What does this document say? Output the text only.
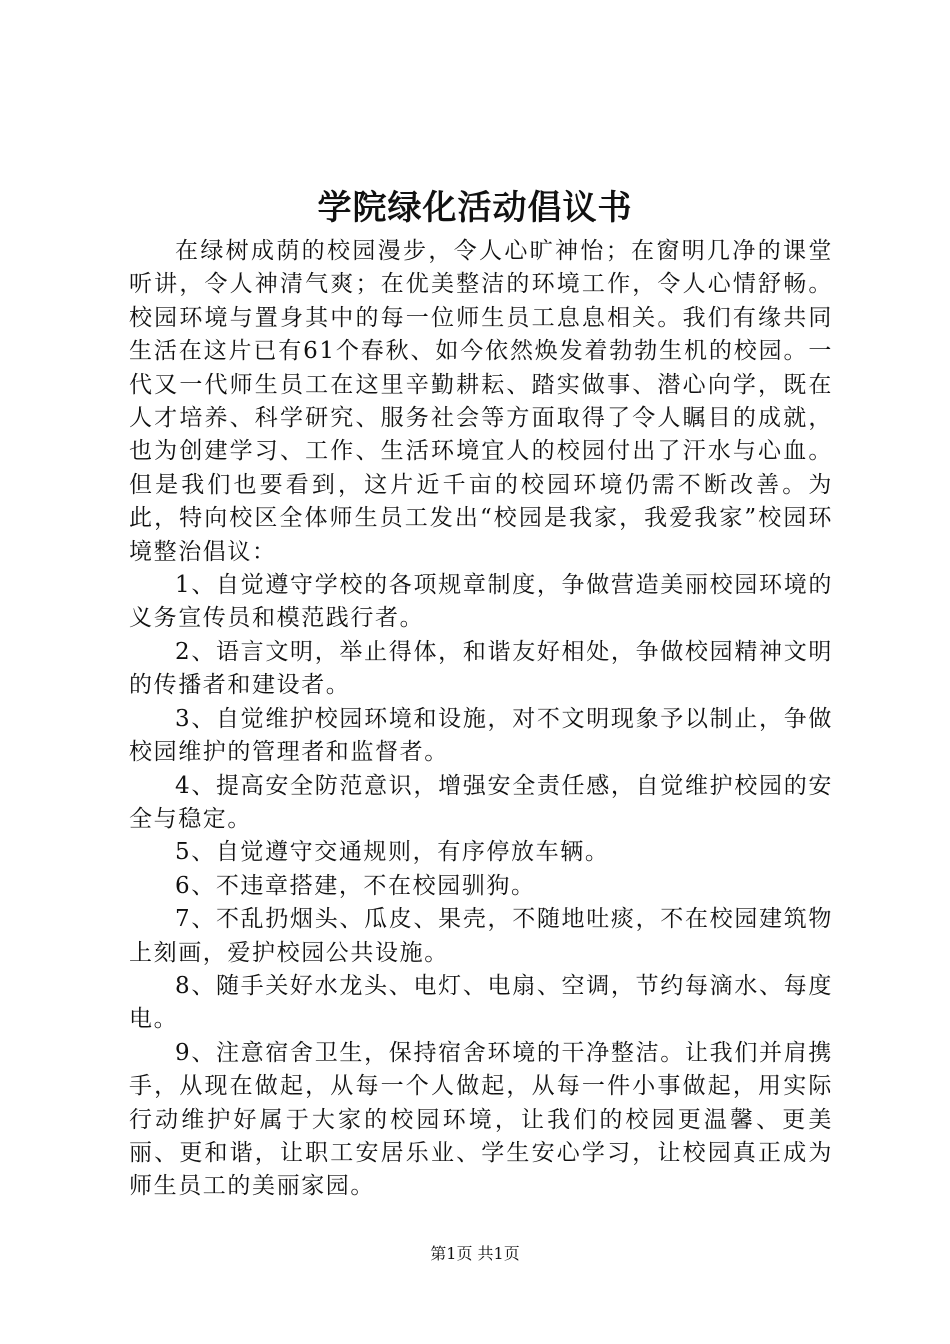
学院绿化活动倡议书

在绿树成荫的校园漫步，令人心旷神怡；在窗明几净的课堂听讲，令人神清气爽；在优美整洁的环境工作，令人心情舒畅。校园环境与置身其中的每一位师生员工息息相关。我们有缘共同生活在这片已有61个春秋、如今依然焕发着勃勃生机的校园。一代又一代师生员工在这里辛勤耕耘、踏实做事、潜心向学，既在人才培养、科学研究、服务社会等方面取得了令人瞩目的成就，也为创建学习、工作、生活环境宜人的校园付出了汗水与心血。但是我们也要看到，这片近千亩的校园环境仍需不断改善。为此，特向校区全体师生员工发出“校园是我家，我爱我家”校园环境整治倡议：

1、自觉遵守学校的各项规章制度，争做营造美丽校园环境的义务宣传员和模范践行者。

2、语言文明，举止得体，和谐友好相处，争做校园精神文明的传播者和建设者。

3、自觉维护校园环境和设施，对不文明现象予以制止，争做校园维护的管理者和监督者。

4、提高安全防范意识，增强安全责任感，自觉维护校园的安全与稳定。

5、自觉遵守交通规则，有序停放车辆。

6、不违章搭建，不在校园驯狗。

7、不乱扔烟头、瓜皮、果壳，不随地吐痰，不在校园建筑物上刻画，爱护校园公共设施。

8、随手关好水龙头、电灯、电扇、空调，节约每滴水、每度电。

9、注意宿舍卫生，保持宿舍环境的干净整洁。让我们并肩携手，从现在做起，从每一个人做起，从每一件小事做起，用实际行动维护好属于大家的校园环境，让我们的校园更温馨、更美丽、更和谐，让职工安居乐业、学生安心学习，让校园真正成为师生员工的美丽家园。

第1页 共1页
